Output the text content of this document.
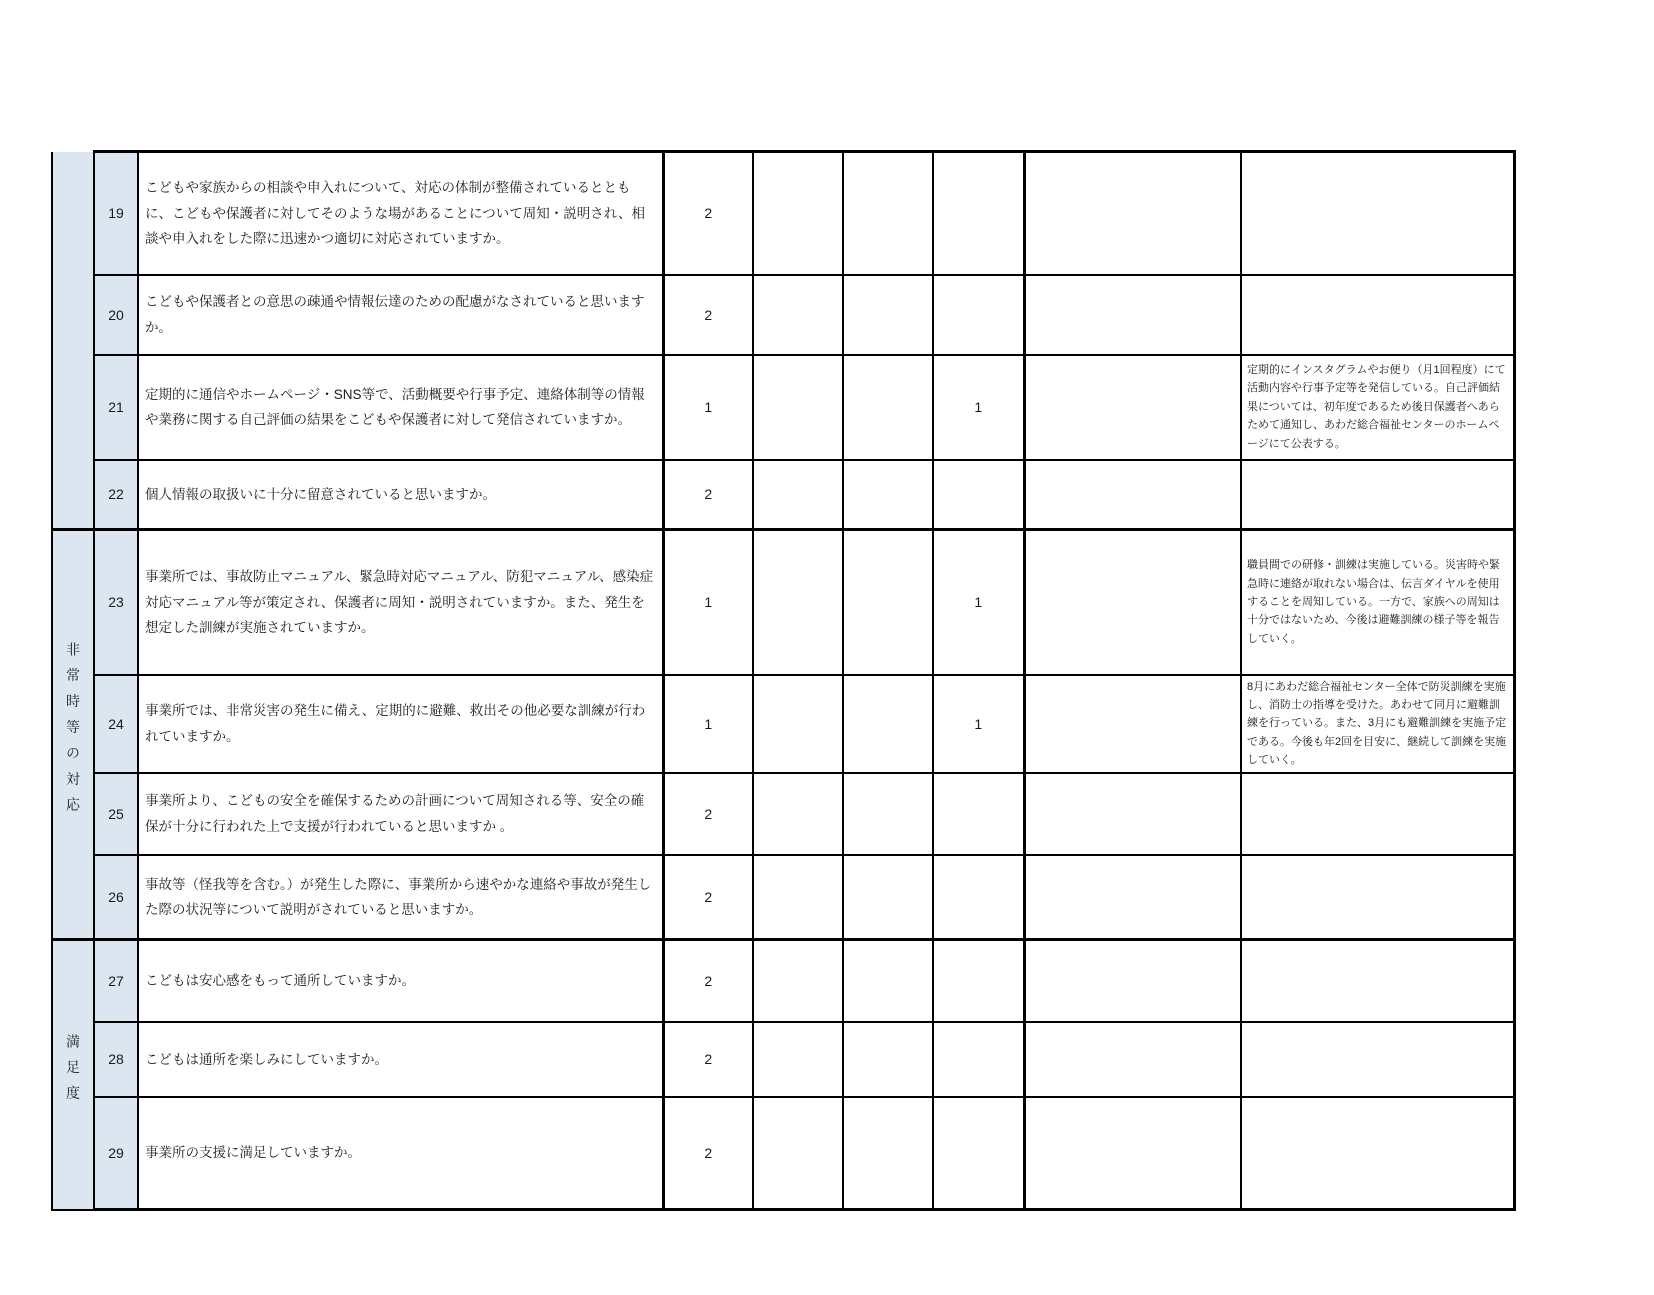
	19	こどもや家族からの相談や申入れについて、対応の体制が整備されているとともに、こどもや保護者に対してそのような場があることについて周知・説明され、相談や申入れをした際に迅速かつ適切に対応されていますか。	2					
	20	こどもや保護者との意思の疎通や情報伝達のための配慮がなされていると思いますか。	2					
	21	定期的に通信やホームページ・SNS等で、活動概要や行事予定、連絡体制等の情報や業務に関する自己評価の結果をこどもや保護者に対して発信されていますか。	1			1		定期的にインスタグラムやお便り（月1回程度）にて活動内容や行事予定等を発信している。自己評価結果については、初年度であるため後日保護者へあらためて通知し、あわだ総合福祉センターのホームページにて公表する。
	22	個人情報の取扱いに十分に留意されていると思いますか。	2					
非常時等の対応	23	事業所では、事故防止マニュアル、緊急時対応マニュアル、防犯マニュアル、感染症対応マニュアル等が策定され、保護者に周知・説明されていますか。また、発生を想定した訓練が実施されていますか。	1			1		職員間での研修・訓練は実施している。災害時や緊急時に連絡が取れない場合は、伝言ダイヤルを使用することを周知している。一方で、家族への周知は十分ではないため、今後は避難訓練の様子等を報告していく。
	24	事業所では、非常災害の発生に備え、定期的に避難、救出その他必要な訓練が行われていますか。	1			1		8月にあわだ総合福祉センター全体で防災訓練を実施し、消防士の指導を受けた。あわせて同月に避難訓練を行っている。また、3月にも避難訓練を実施予定である。今後も年2回を目安に、継続して訓練を実施していく。
	25	事業所より、こどもの安全を確保するための計画について周知される等、安全の確保が十分に行われた上で支援が行われていると思いますか 。	2					
	26	事故等（怪我等を含む。）が発生した際に、事業所から速やかな連絡や事故が発生した際の状況等について説明がされていると思いますか。	2					
満足度	27	こどもは安心感をもって通所していますか。	2					
	28	こどもは通所を楽しみにしていますか。	2					
	29	事業所の支援に満足していますか。	2					
